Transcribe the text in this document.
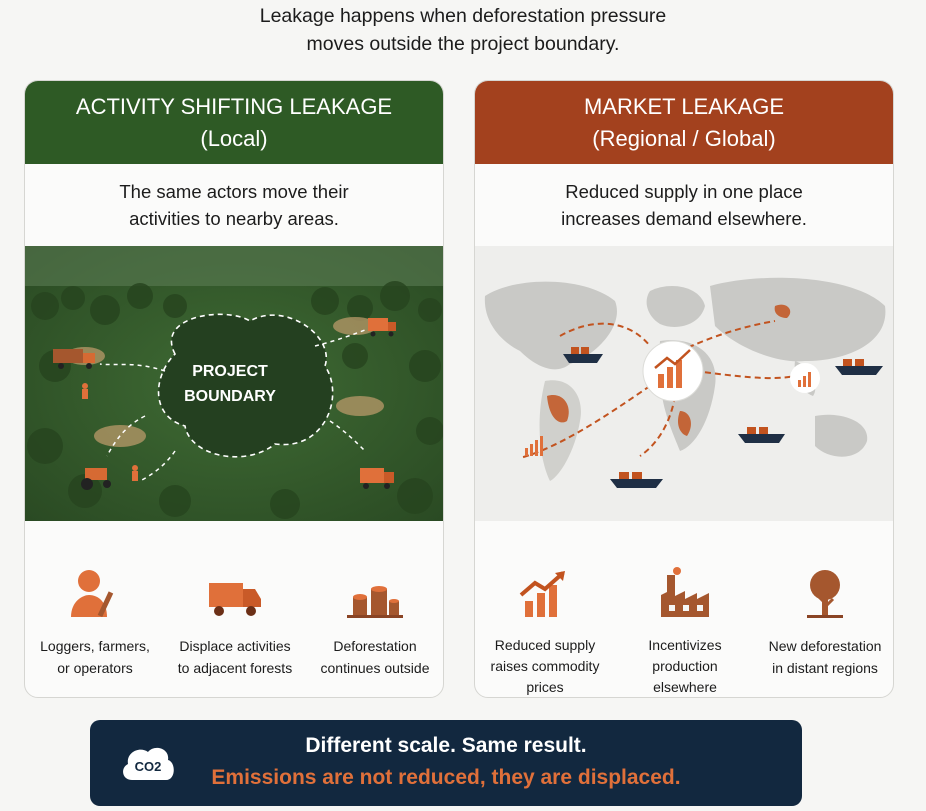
Leakage happens when deforestation pressure
moves outside the project boundary.
ACTIVITY SHIFTING LEAKAGE
(Local)
The same actors move their
activities to nearby areas.
PROJECT
BOUNDARY
Loggers, farmers,
or operators
Displace activities
to adjacent forests
Deforestation
continues outside
MARKET LEAKAGE
(Regional / Global)
Reduced supply in one place
increases demand elsewhere.
Reduced supply
raises commodity
prices
Incentivizes
production
elsewhere
New deforestation
in distant regions
CO2
Different scale. Same result.
Emissions are not reduced, they are displaced.
